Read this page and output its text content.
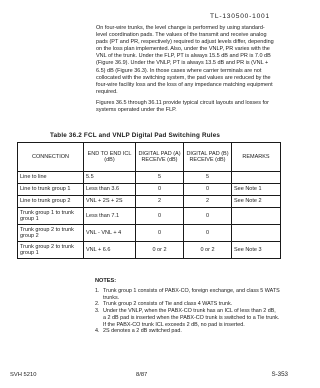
TL-130500-1001

On four-wire trunks, the level change is performed by using standard-level coordination pads. The values of the transmit and receive analog pads (PT and PR, respectively) required to adjust levels differ, depending on the loss plan implemented. Also, under the VNLP, PR varies with the VNL of the trunk. Under the FLP, PT is always 15.5 dB and PR is 7.0 dB (Figure 36.9). Under the VNLP, PT is always 13.5 dB and PR is (VNL + 6.5) dB (Figure 36.3). In those cases where carrier terminals are not collocated with the switching system, the pad values are reduced by the four-wire facility loss and the loss of any impedance matching equipment required.

Figures 36.5 through 36.11 provide typical circuit layouts and losses for systems operated under the FLP.

Table 36.2 FCL and VNLP Digital Pad Switching Rules
CONNECTION	END TO END ICL (dB)	DIGITAL PAD (A) RECEIVE (dB)	DIGITAL PAD (B) RECEIVE (dB)	REMARKS
Line to line	5.5	5	5	
Line to trunk group 1	Less than 3.6	0	0	See Note 1
Line to trunk group 2	VNL + 2S + 2S	2	2	See Note 2
Trunk group 1 to trunk group 1	Less than 7.1	0	0	
Trunk group 2 to trunk group 2	VNL - VNL + 4	0	0	
Trunk group 2 to trunk group 1	VNL + 6.6	0 or 2	0 or 2	See Note 3
NOTES:
1. Trunk group 1 consists of PABX-CO, foreign exchange, and class 5 WATS trunks.
2. Trunk group 2 consists of Tie and class 4 WATS trunk.
3. Under the VNLP, when the PABX-CO trunk has an ICL of less than 2 dB, a 2 dB pad is inserted when the PABX-CO trunk is switched to a Tie trunk. If the PABX-CO trunk ICL exceeds 2 dB, no pad is inserted.
4. 2S denotes a 2 dB switched pad.
SVH 5210	8/87	S-353
